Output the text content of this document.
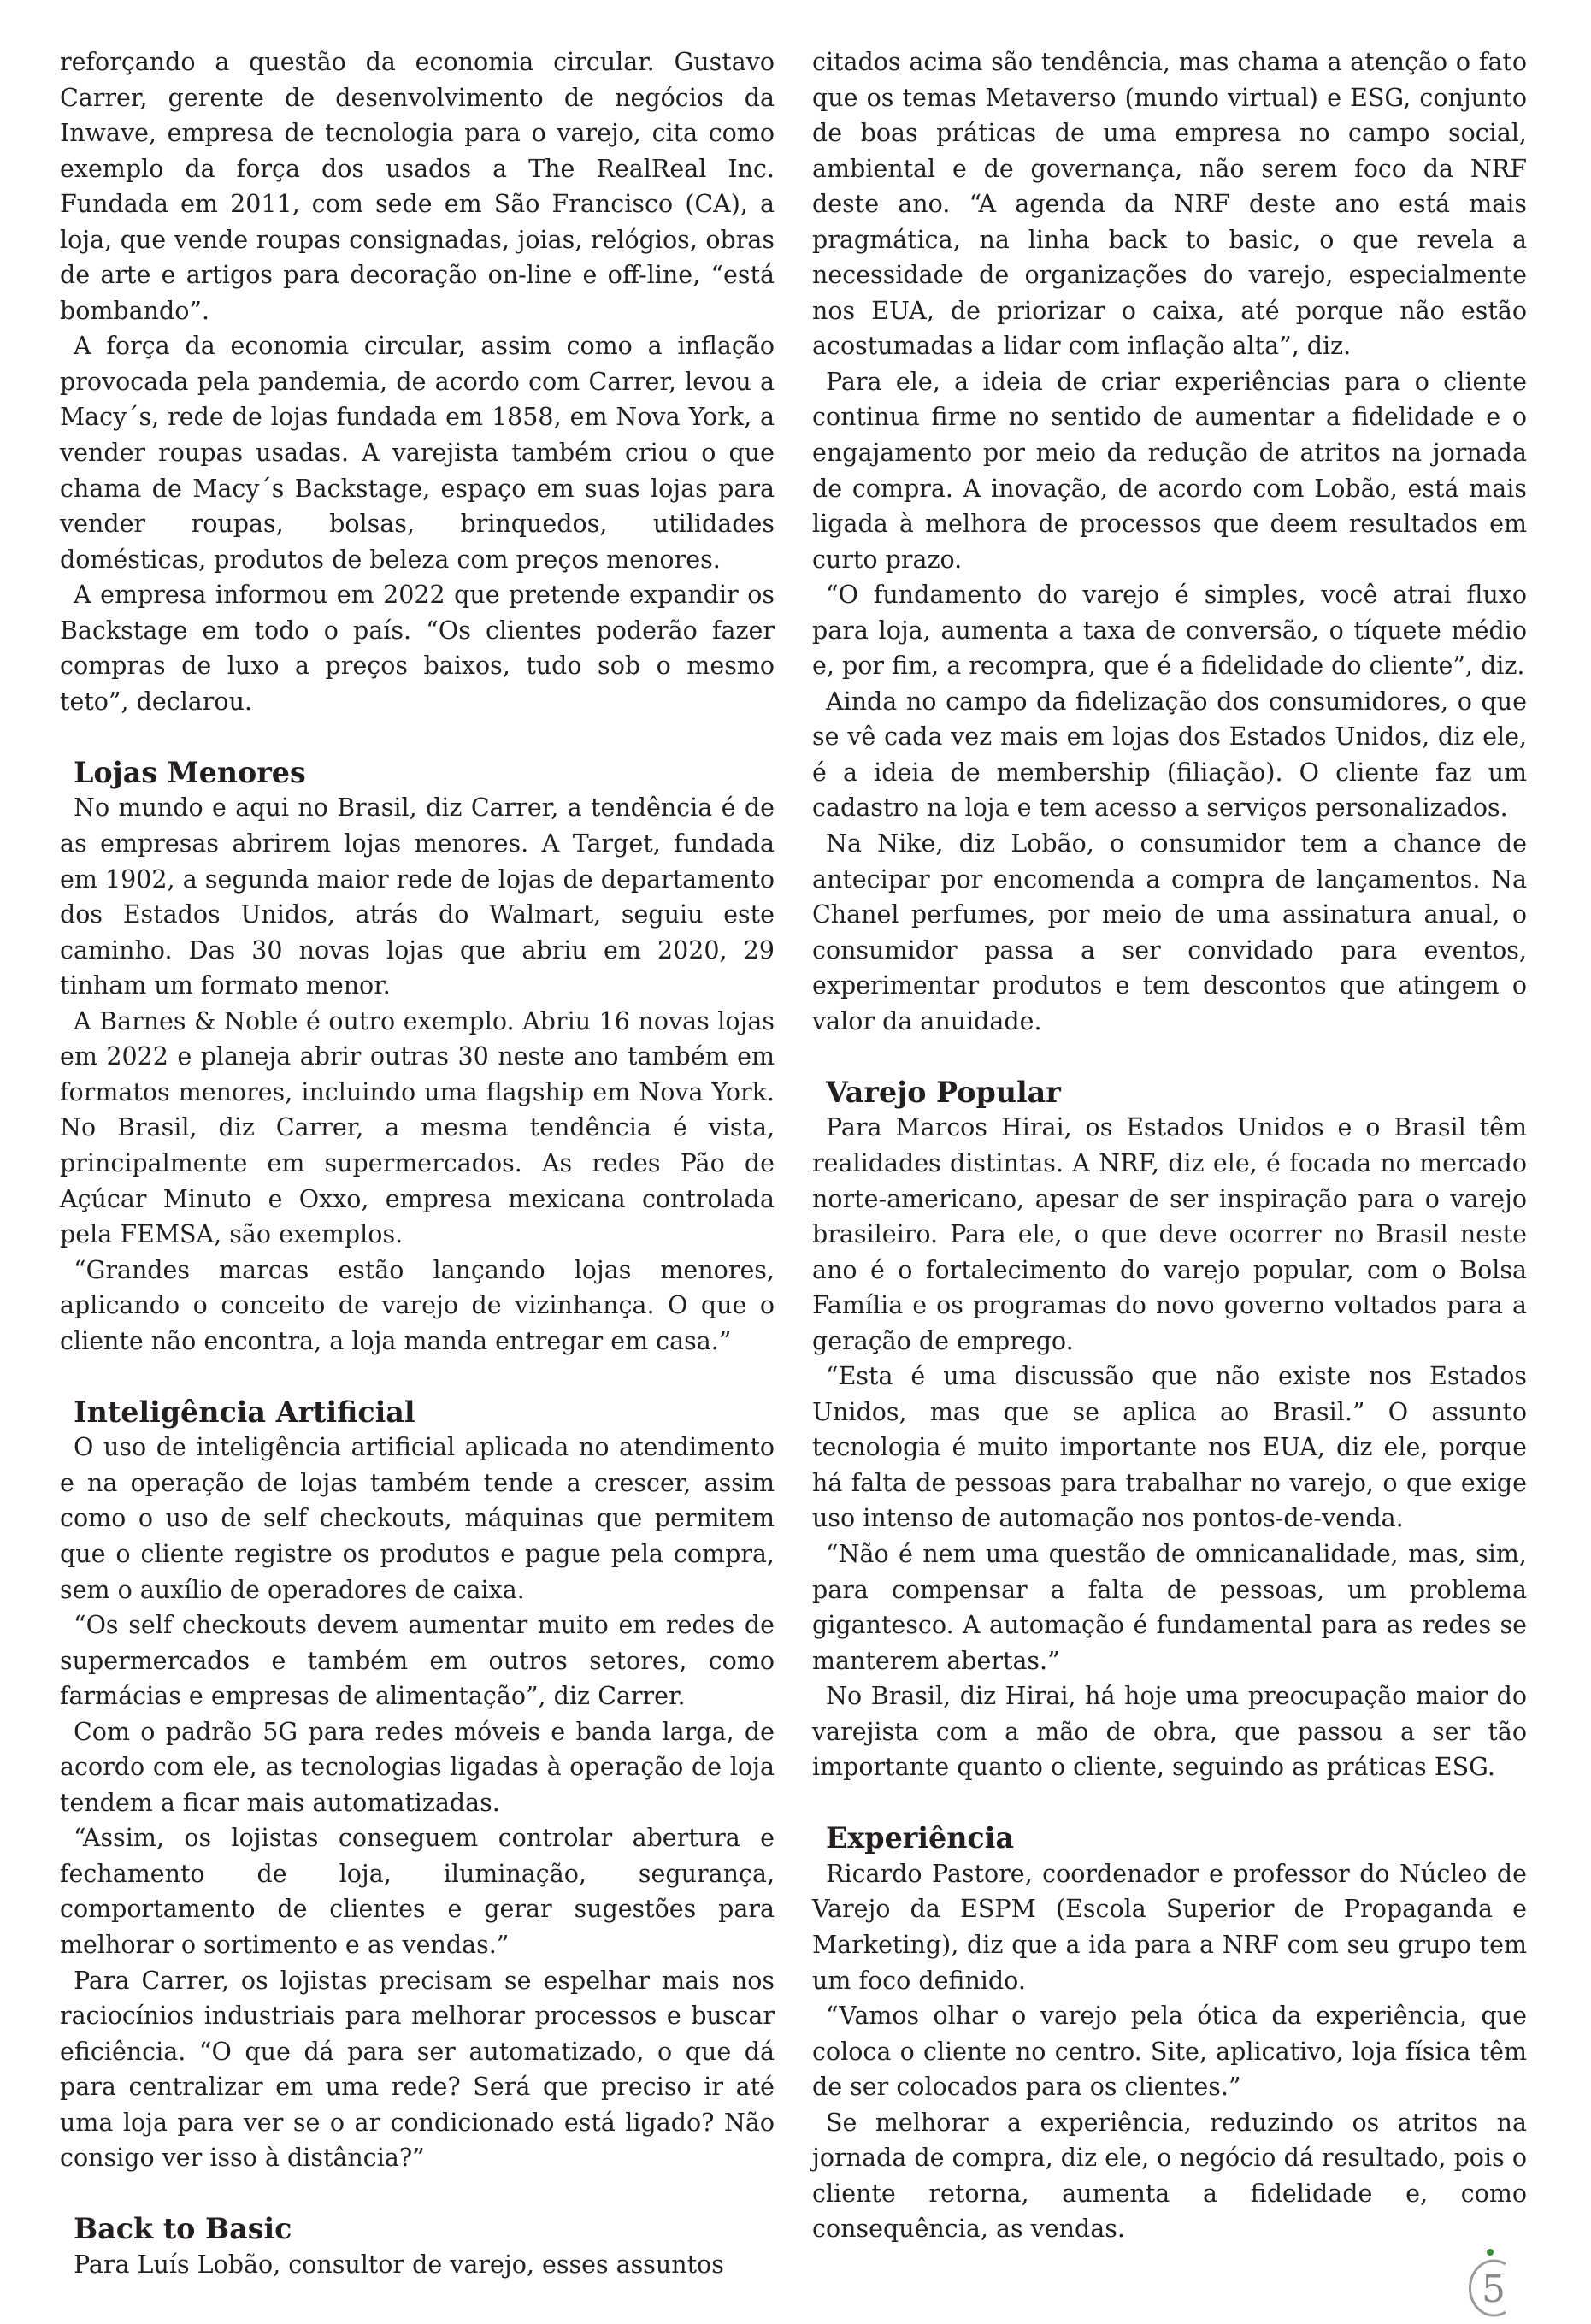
reforçando a questão da economia circular. Gustavo Carrer, gerente de desenvolvimento de negócios da Inwave, empresa de tecnologia para o varejo, cita como exemplo da força dos usados a The RealReal Inc. Fundada em 2011, com sede em São Francisco (CA), a loja, que vende roupas consignadas, joias, relógios, obras de arte e artigos para decoração on-line e off-line, “está bombando”.

A força da economia circular, assim como a inflação provocada pela pandemia, de acordo com Carrer, levou a Macy´s, rede de lojas fundada em 1858, em Nova York, a vender roupas usadas. A varejista também criou o que chama de Macy´s Backstage, espaço em suas lojas para vender roupas, bolsas, brinquedos, utilidades domésticas, produtos de beleza com preços menores.

A empresa informou em 2022 que pretende expandir os Backstage em todo o país. “Os clientes poderão fazer compras de luxo a preços baixos, tudo sob o mesmo teto”, declarou.

Lojas Menores

No mundo e aqui no Brasil, diz Carrer, a tendência é de as empresas abrirem lojas menores. A Target, fundada em 1902, a segunda maior rede de lojas de departamento dos Estados Unidos, atrás do Walmart, seguiu este caminho. Das 30 novas lojas que abriu em 2020, 29 tinham um formato menor.

A Barnes & Noble é outro exemplo. Abriu 16 novas lojas em 2022 e planeja abrir outras 30 neste ano também em formatos menores, incluindo uma flagship em Nova York. No Brasil, diz Carrer, a mesma tendência é vista, principalmente em supermercados. As redes Pão de Açúcar Minuto e Oxxo, empresa mexicana controlada pela FEMSA, são exemplos.

“Grandes marcas estão lançando lojas menores, aplicando o conceito de varejo de vizinhança. O que o cliente não encontra, a loja manda entregar em casa.”

Inteligência Artificial

O uso de inteligência artificial aplicada no atendimento e na operação de lojas também tende a crescer, assim como o uso de self checkouts, máquinas que permitem que o cliente registre os produtos e pague pela compra, sem o auxílio de operadores de caixa.

“Os self checkouts devem aumentar muito em redes de supermercados e também em outros setores, como farmácias e empresas de alimentação”, diz Carrer.

Com o padrão 5G para redes móveis e banda larga, de acordo com ele, as tecnologias ligadas à operação de loja tendem a ficar mais automatizadas.

“Assim, os lojistas conseguem controlar abertura e fechamento de loja, iluminação, segurança, comportamento de clientes e gerar sugestões para melhorar o sortimento e as vendas.”

Para Carrer, os lojistas precisam se espelhar mais nos raciocínios industriais para melhorar processos e buscar eficiência. “O que dá para ser automatizado, o que dá para centralizar em uma rede? Será que preciso ir até uma loja para ver se o ar condicionado está ligado? Não consigo ver isso à distância?”

Back to Basic

Para Luís Lobão, consultor de varejo, esses assuntos

citados acima são tendência, mas chama a atenção o fato que os temas Metaverso (mundo virtual) e ESG, conjunto de boas práticas de uma empresa no campo social, ambiental e de governança, não serem foco da NRF deste ano. “A agenda da NRF deste ano está mais pragmática, na linha back to basic, o que revela a necessidade de organizações do varejo, especialmente nos EUA, de priorizar o caixa, até porque não estão acostumadas a lidar com inflação alta”, diz.

Para ele, a ideia de criar experiências para o cliente continua firme no sentido de aumentar a fidelidade e o engajamento por meio da redução de atritos na jornada de compra. A inovação, de acordo com Lobão, está mais ligada à melhora de processos que deem resultados em curto prazo.

“O fundamento do varejo é simples, você atrai fluxo para loja, aumenta a taxa de conversão, o tíquete médio e, por fim, a recompra, que é a fidelidade do cliente”, diz.

Ainda no campo da fidelização dos consumidores, o que se vê cada vez mais em lojas dos Estados Unidos, diz ele, é a ideia de membership (filiação). O cliente faz um cadastro na loja e tem acesso a serviços personalizados.

Na Nike, diz Lobão, o consumidor tem a chance de antecipar por encomenda a compra de lançamentos. Na Chanel perfumes, por meio de uma assinatura anual, o consumidor passa a ser convidado para eventos, experimentar produtos e tem descontos que atingem o valor da anuidade.

Varejo Popular

Para Marcos Hirai, os Estados Unidos e o Brasil têm realidades distintas. A NRF, diz ele, é focada no mercado norte-americano, apesar de ser inspiração para o varejo brasileiro. Para ele, o que deve ocorrer no Brasil neste ano é o fortalecimento do varejo popular, com o Bolsa Família e os programas do novo governo voltados para a geração de emprego.

“Esta é uma discussão que não existe nos Estados Unidos, mas que se aplica ao Brasil.” O assunto tecnologia é muito importante nos EUA, diz ele, porque há falta de pessoas para trabalhar no varejo, o que exige uso intenso de automação nos pontos-de-venda.

“Não é nem uma questão de omnicanalidade, mas, sim, para compensar a falta de pessoas, um problema gigantesco. A automação é fundamental para as redes se manterem abertas.”

No Brasil, diz Hirai, há hoje uma preocupação maior do varejista com a mão de obra, que passou a ser tão importante quanto o cliente, seguindo as práticas ESG.

Experiência

Ricardo Pastore, coordenador e professor do Núcleo de Varejo da ESPM (Escola Superior de Propaganda e Marketing), diz que a ida para a NRF com seu grupo tem um foco definido.

“Vamos olhar o varejo pela ótica da experiência, que coloca o cliente no centro. Site, aplicativo, loja física têm de ser colocados para os clientes.”

Se melhorar a experiência, reduzindo os atritos na jornada de compra, diz ele, o negócio dá resultado, pois o cliente retorna, aumenta a fidelidade e, como consequência, as vendas.

5
